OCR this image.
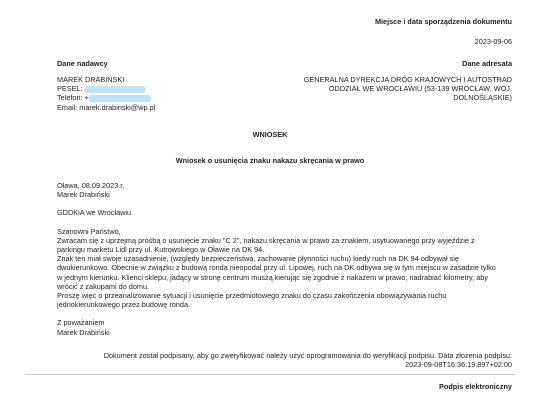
Miejsce i data sporządzenia dokumentu
2023-09-06
Dane nadawcy
MAREK DRABIŃSKI
PESEL:
Telefon: +
Email: marek.drabinski@wp.pl
Dane adresata
GENERALNA DYREKCJA DRÓG KRAJOWYCH I AUTOSTRAD
ODDZIAŁ WE WROCŁAWIU (53-139 WROCŁAW, WOJ.
DOLNOŚLĄSKIE)
WNIOSEK
Wniosek o usunięcia znaku nakazu skręcania w prawo
Oława, 08.09.2023 r.
Marek Drabiński
GDDKiA we Wrocławiu
Szanowni Państwo,
Zwracam się z uprzejmą prośbą o usunięcie znaku "C 2", nakazu skręcania w prawo za znakiem, usytuowanego przy wyjeździe z
parkingu marketu Lidl przy ul. Kutrowskiego w Oławie na DK 94.
Znak ten miał swoje uzasadnienie, (względy bezpieczeństwa, zachowanie płynności ruchu) kiedy ruch na DK 94 odbywał się
dwukierunkowo. Obecnie w związku z budową ronda nieopodal przy ul. Lipowej, ruch na DK odbywa się w tym miejscu w zasadzie tylko
w jednym kierunku. Klienci sklepu, jadący w stronę centrum muszą kierując się zgodnie z nakazem w prawo, nadrabiać kilometry, aby
wrócić z zakupami do domu.
Proszę więc o przeanalizowanie sytuacji i usunięcie przedmiotowego znaku do czasu zakończenia obowiązywania ruchu
jednokierunkowego przez budowę ronda.
Z poważaniem
Marek Drabiński
Dokument został podpisany, aby go zweryfikować należy użyć oprogramowania do weryfikacji podpisu. Data złożenia podpisu:
2023-09-08T16:36:19.897+02:00
Podpis elektroniczny
